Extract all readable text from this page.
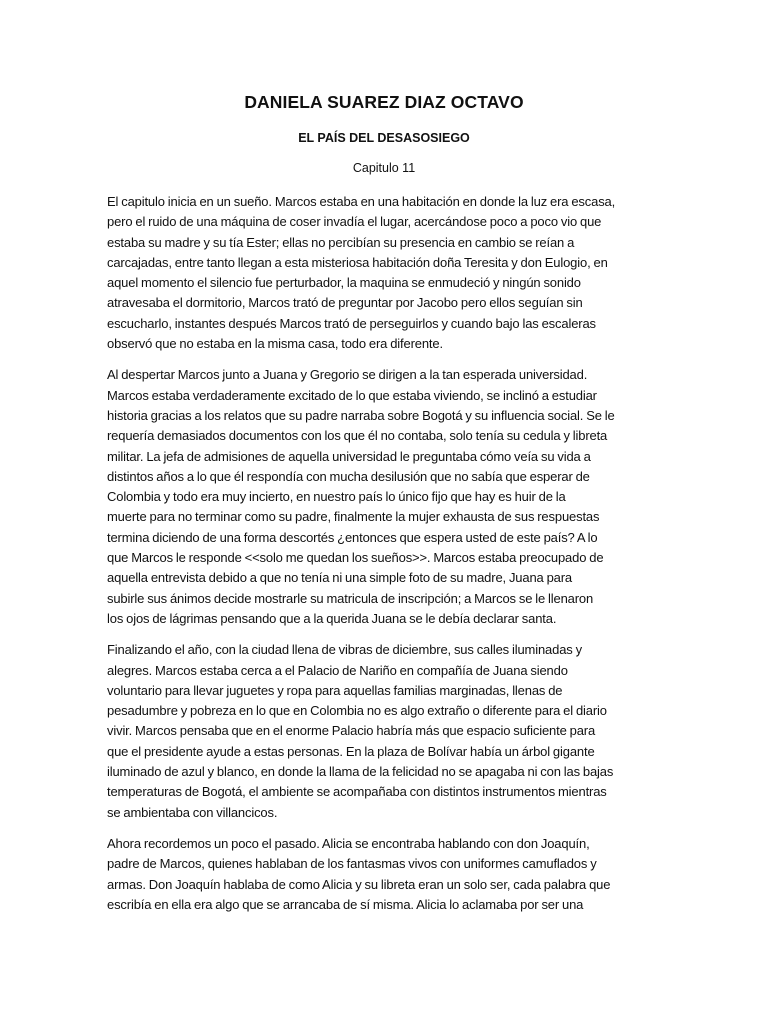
DANIELA SUAREZ DIAZ OCTAVO
EL PAÍS DEL DESASOSIEGO
Capitulo 11

El capitulo inicia en un sueño. Marcos estaba en una habitación en donde la luz era escasa,
pero el ruido de una máquina de coser invadía el lugar, acercándose poco a poco vio que
estaba su madre y su tía Ester; ellas no percibían su presencia en cambio se reían a
carcajadas, entre tanto llegan a esta misteriosa habitación doña Teresita y don Eulogio, en
aquel momento el silencio fue perturbador, la maquina se enmudeció y ningún sonido
atravesaba el dormitorio, Marcos trató de preguntar por Jacobo pero ellos seguían sin
escucharlo, instantes después Marcos trató de perseguirlos y cuando bajo las escaleras
observó que no estaba en la misma casa, todo era diferente.

Al despertar Marcos junto a Juana y Gregorio se dirigen a la tan esperada universidad.
Marcos estaba verdaderamente excitado de lo que estaba viviendo, se inclinó a estudiar
historia gracias a los relatos que su padre narraba sobre Bogotá y su influencia social. Se le
requería demasiados documentos con los que él no contaba, solo tenía su cedula y libreta
militar. La jefa de admisiones de aquella universidad le preguntaba cómo veía su vida a
distintos años a lo que él respondía con mucha desilusión que no sabía que esperar de
Colombia y todo era muy incierto, en nuestro país lo único fijo que hay es huir de la
muerte para no terminar como su padre, finalmente la mujer exhausta de sus respuestas
termina diciendo de una forma descortés ¿entonces que espera usted de este país? A lo
que Marcos le responde <<solo me quedan los sueños>>. Marcos estaba preocupado de
aquella entrevista debido a que no tenía ni una simple foto de su madre, Juana para
subirle sus ánimos decide mostrarle su matricula de inscripción; a Marcos se le llenaron
los ojos de lágrimas pensando que a la querida Juana se le debía declarar santa.

Finalizando el año, con la ciudad llena de vibras de diciembre, sus calles iluminadas y
alegres. Marcos estaba cerca a el Palacio de Nariño en compañía de Juana siendo
voluntario para llevar juguetes y ropa para aquellas familias marginadas, llenas de
pesadumbre y pobreza en lo que en Colombia no es algo extraño o diferente para el diario
vivir. Marcos pensaba que en el enorme Palacio habría más que espacio suficiente para
que el presidente ayude a estas personas. En la plaza de Bolívar había un árbol gigante
iluminado de azul y blanco, en donde la llama de la felicidad no se apagaba ni con las bajas
temperaturas de Bogotá, el ambiente se acompañaba con distintos instrumentos mientras
se ambientaba con villancicos.

Ahora recordemos un poco el pasado. Alicia se encontraba hablando con don Joaquín,
padre de Marcos, quienes hablaban de los fantasmas vivos con uniformes camuflados y
armas. Don Joaquín hablaba de como Alicia y su libreta eran un solo ser, cada palabra que
escribía en ella era algo que se arrancaba de sí misma. Alicia lo aclamaba por ser una
